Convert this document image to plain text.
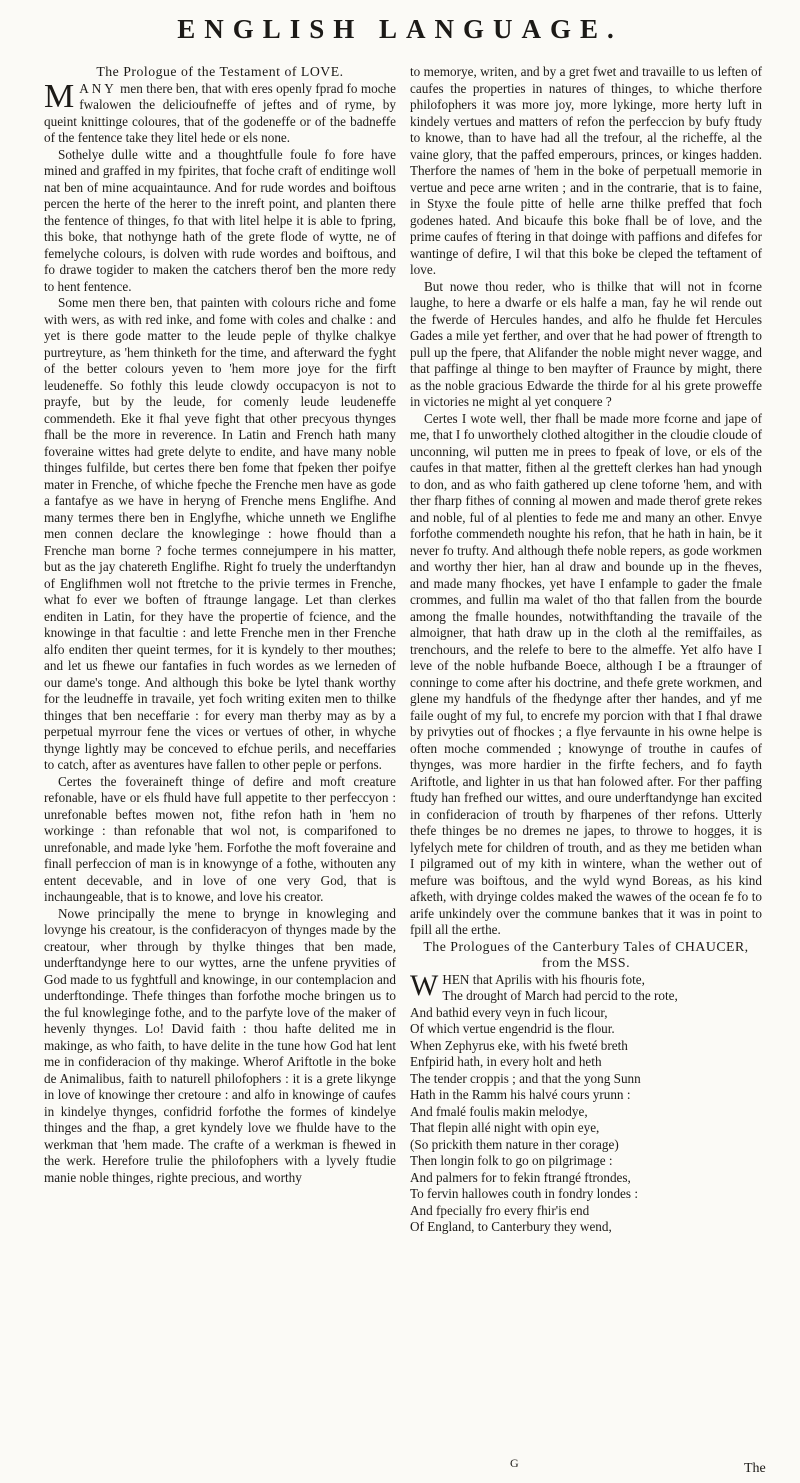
ENGLISH LANGUAGE.

The Prologue of the Testament of LOVE.

MANY men there ben, that with eres openly fprad fo moche fwalowen the delicioufneffe of jeftes and of ryme, by queint knittinge coloures, that of the godeneffe or of the badneffe of the fentence take they litel hede or els none.

Sothelye dulle witte and a thoughtfulle foule fo fore have mined and graffed in my fpirites, that foche craft of enditinge woll nat ben of mine acquaintaunce. And for rude wordes and boiftous percen the herte of the herer to the inreft point, and planten there the fentence of thinges, fo that with litel helpe it is able to fpring, this boke, that nothynge hath of the grete flode of wytte, ne of femelyche colours, is dolven with rude wordes and boiftous, and fo drawe togider to maken the catchers therof ben the more redy to hent fentence.

Some men there ben, that painten with colours riche and fome with wers, as with red inke, and fome with coles and chalke : and yet is there gode matter to the leude peple of thylke chalkye purtreyture, as 'hem thinketh for the time, and afterward the fyght of the better colours yeven to 'hem more joye for the firft leudeneffe. So fothly this leude clowdy occupacyon is not to prayfe, but by the leude, for comenly leude leudeneffe commendeth. Eke it fhal yeve fight that other precyous thynges fhall be the more in reverence. In Latin and French hath many foveraine wittes had grete delyte to endite, and have many noble thinges fulfilde, but certes there ben fome that fpeken ther poifye mater in Frenche, of whiche fpeche the Frenche men have as gode a fantafye as we have in heryng of Frenche mens Englifhe. And many termes there ben in Englyfhe, whiche unneth we Englifhe men connen declare the knowleginge : howe fhould than a Frenche man borne ? foche termes connejumpere in his matter, but as the jay chatereth Englifhe. Right fo truely the underftandyn of Englifhmen woll not ftretche to the privie termes in Frenche, what fo ever we boften of ftraunge langage. Let than clerkes enditen in Latin, for they have the propertie of fcience, and the knowinge in that facultie : and lette Frenche men in ther Frenche alfo enditen ther queint termes, for it is kyndely to ther mouthes; and let us fhewe our fantafies in fuch wordes as we lerneden of our dame's tonge. And although this boke be lytel thank worthy for the leudneffe in travaile, yet foch writing exiten men to thilke thinges that ben neceffarie : for every man therby may as by a perpetual myrrour fene the vices or vertues of other, in whyche thynge lightly may be conceved to efchue perils, and neceffaries to catch, after as aventures have fallen to other peple or perfons.

Certes the foveraineft thinge of defire and moft creature refonable, have or els fhuld have full appetite to ther perfeccyon : unrefonable beftes mowen not, fithe refon hath in 'hem no workinge : than refonable that wol not, is comparifoned to unrefonable, and made lyke 'hem. Forfothe the moft foveraine and finall perfeccion of man is in knowynge of a fothe, withouten any entent decevable, and in love of one very God, that is inchaungeable, that is to knowe, and love his creator.

Nowe principally the mene to brynge in knowleging and lovynge his creatour, is the confideracyon of thynges made by the creatour, wher through by thylke thinges that ben made, underftandynge here to our wyttes, arne the unfene pryvities of God made to us fyghtfull and knowinge, in our contemplacion and underftondinge. Thefe thinges than forfothe moche bringen us to the ful knowleginge fothe, and to the parfyte love of the maker of hevenly thynges. Lo! David faith : thou hafte delited me in makinge, as who faith, to have delite in the tune how God hat lent me in confideracion of thy makinge. Wherof Ariftotle in the boke de Animalibus, faith to naturell philofophers : it is a grete likynge in love of knowinge ther cretoure : and alfo in knowinge of caufes in kindelye thynges, confidrid forfothe the formes of kindelye thinges and the fhap, a gret kyndely love we fhulde have to the werkman that 'hem made. The crafte of a werkman is fhewed in the werk. Herefore trulie the philofophers with a lyvely ftudie manie noble thinges, righte precious, and worthy

to memorye, writen, and by a gret fwet and travaille to us leften of caufes the properties in natures of thinges, to whiche therfore philofophers it was more joy, more lykinge, more herty luft in kindely vertues and matters of refon the perfeccion by bufy ftudy to knowe, than to have had all the trefour, al the richeffe, al the vaine glory, that the paffed emperours, princes, or kinges hadden. Therfore the names of 'hem in the boke of perpetuall memorie in vertue and pece arne writen ; and in the contrarie, that is to faine, in Styxe the foule pitte of helle arne thilke preffed that foch godenes hated. And bicaufe this boke fhall be of love, and the prime caufes of ftering in that doinge with paffions and difefes for wantinge of defire, I wil that this boke be cleped the teftament of love.

But nowe thou reder, who is thilke that will not in fcorne laughe, to here a dwarfe or els halfe a man, fay he wil rende out the fwerde of Hercules handes, and alfo he fhulde fet Hercules Gades a mile yet ferther, and over that he had power of ftrength to pull up the fpere, that Alifander the noble might never wagge, and that paffinge al thinge to ben mayfter of Fraunce by might, there as the noble gracious Edwarde the thirde for al his grete proweffe in victories ne might al yet conquere ?

Certes I wote well, ther fhall be made more fcorne and jape of me, that I fo unworthely clothed altogither in the cloudie cloude of unconning, wil putten me in prees to fpeak of love, or els of the caufes in that matter, fithen al the gretteft clerkes han had ynough to don, and as who faith gathered up clene toforne 'hem, and with ther fharp fithes of conning al mowen and made therof grete rekes and noble, ful of al plenties to fede me and many an other. Envye forfothe commendeth noughte his refon, that he hath in hain, be it never fo trufty. And although thefe noble repers, as gode workmen and worthy ther hier, han al draw and bounde up in the fheves, and made many fhockes, yet have I enfample to gader the fmale crommes, and fullin ma walet of tho that fallen from the bourde among the fmalle houndes, notwithftanding the travaile of the almoigner, that hath draw up in the cloth al the remiffailes, as trenchours, and the relefe to bere to the almeffe. Yet alfo have I leve of the noble hufbande Boece, although I be a ftraunger of conninge to come after his doctrine, and thefe grete workmen, and glene my handfuls of the fhedynge after ther handes, and yf me faile ought of my ful, to encrefe my porcion with that I fhal drawe by privyties out of fhockes ; a flye fervaunte in his owne helpe is often moche commended ; knowynge of trouthe in caufes of thynges, was more hardier in the firfte fechers, and fo fayth Ariftotle, and lighter in us that han folowed after. For ther paffing ftudy han frefhed our wittes, and oure underftandynge han excited in confideracion of trouth by fharpenes of ther refons. Utterly thefe thinges be no dremes ne japes, to throwe to hogges, it is lyfelych mete for children of trouth, and as they me betiden whan I pilgramed out of my kith in wintere, whan the wether out of mefure was boiftous, and the wyld wynd Boreas, as his kind afketh, with dryinge coldes maked the wawes of the ocean fe fo to arife unkindely over the commune bankes that it was in point to fpill all the erthe.

The Prologues of the Canterbury Tales of CHAUCER, from the MSS.

W HEN that Aprilis with his fhouris fote,
The drought of March had percid to the rote,
And bathid every veyn in fuch licour,
Of which vertue engendrid is the flour.
When Zephyrus eke, with his fweté breth
Enfpirid hath, in every holt and heth
The tender croppis ; and that the yong Sunn
Hath in the Ramm his halvé cours yrunn :
And fmalé foulis makin melodye,
That flepin allé night with opin eye,
(So prickith them nature in ther corage)
Then longin folk to go on pilgrimage :
And palmers for to fekin ftrangé ftrondes,
To fervin hallowes couth in fondry londes :
And fpecially fro every fhir'is end
Of England, to Canterbury they wend,
G	The
